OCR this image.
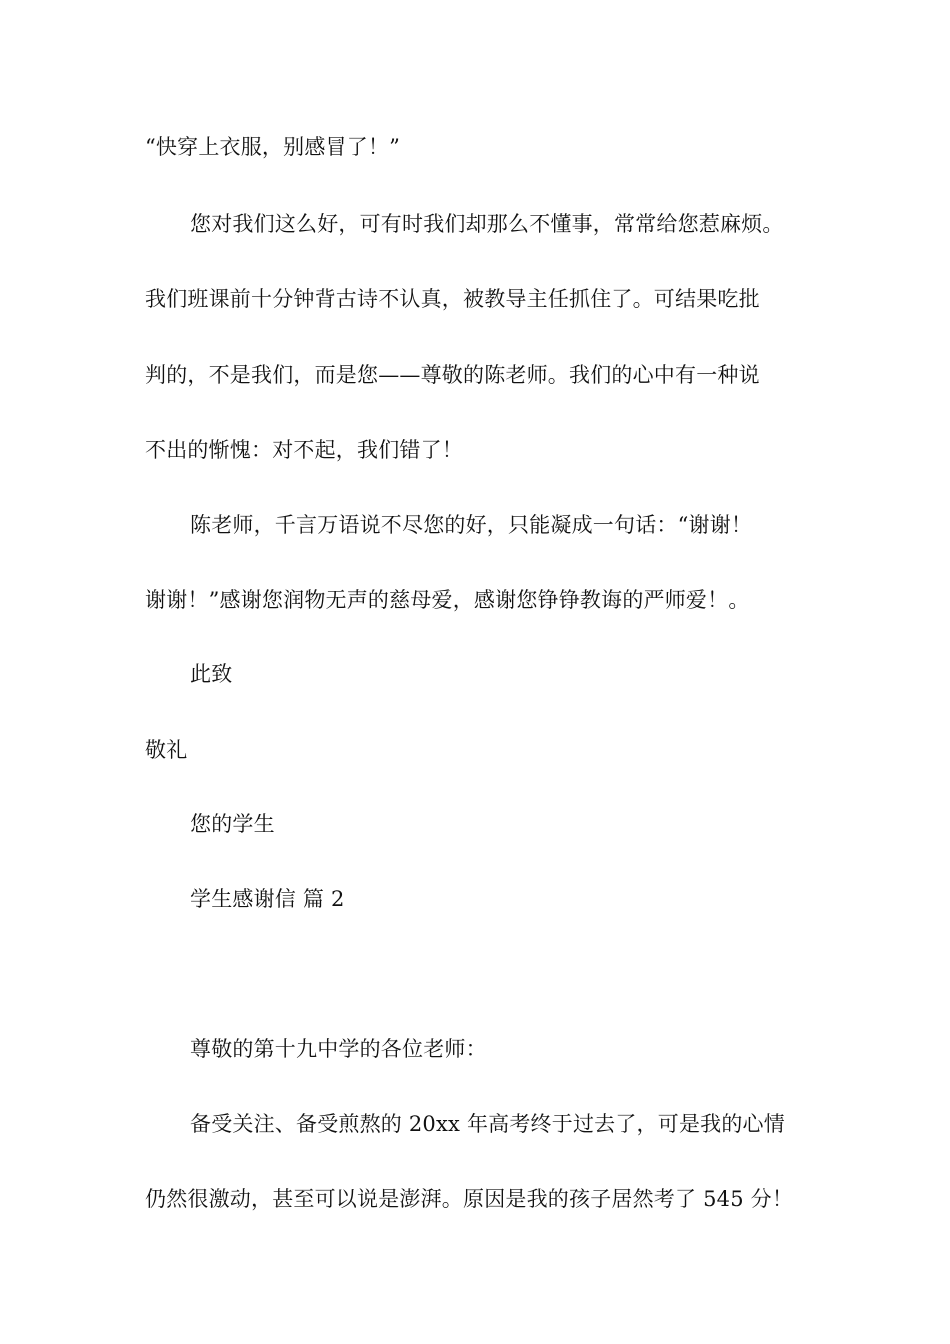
“快穿上衣服，别感冒了！”
您对我们这么好，可有时我们却那么不懂事，常常给您惹麻烦。
我们班课前十分钟背古诗不认真，被教导主任抓住了。可结果吃批
判的，不是我们，而是您——尊敬的陈老师。我们的心中有一种说
不出的惭愧：对不起，我们错了！
陈老师，千言万语说不尽您的好，只能凝成一句话：“谢谢！
谢谢！”感谢您润物无声的慈母爱，感谢您铮铮教诲的严师爱！。
此致
敬礼
您的学生
学生感谢信 篇 2
尊敬的第十九中学的各位老师：
备受关注、备受煎熬的 20xx 年高考终于过去了，可是我的心情
仍然很激动，甚至可以说是澎湃。原因是我的孩子居然考了 545 分！
